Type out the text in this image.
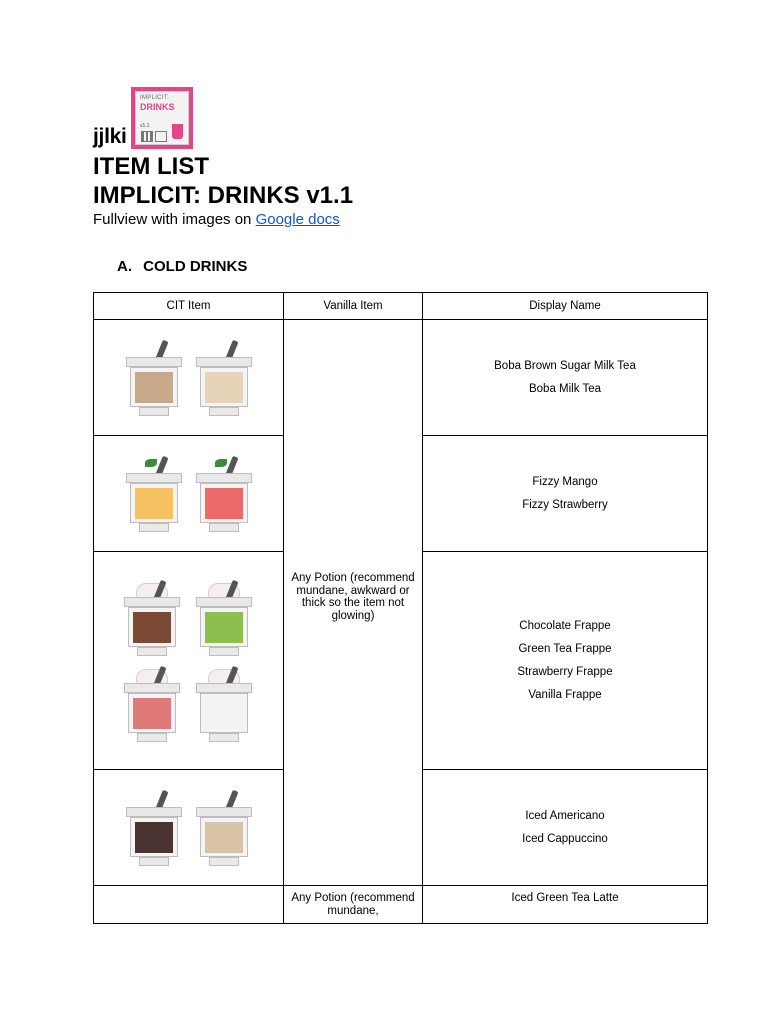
jjlki
IMPLICIT:
DRINKS
v1.1
ITEM LIST
IMPLICIT: DRINKS v1.1
Fullview with images on Google docs
A. COLD DRINKS
CIT Item	Vanilla Item	Display Name

	Any Potion (recommend mundane, awkward or thick so the item not glowing)	Boba Brown Sugar Milk Tea
Boba Milk Tea

		Fizzy Mango
Fizzy Strawberry

		Chocolate Frappe
Green Tea Frappe
Strawberry Frappe
Vanilla Frappe

		Iced Americano
Iced Cappuccino

	Any Potion (recommend mundane,	Iced Green Tea Latte
